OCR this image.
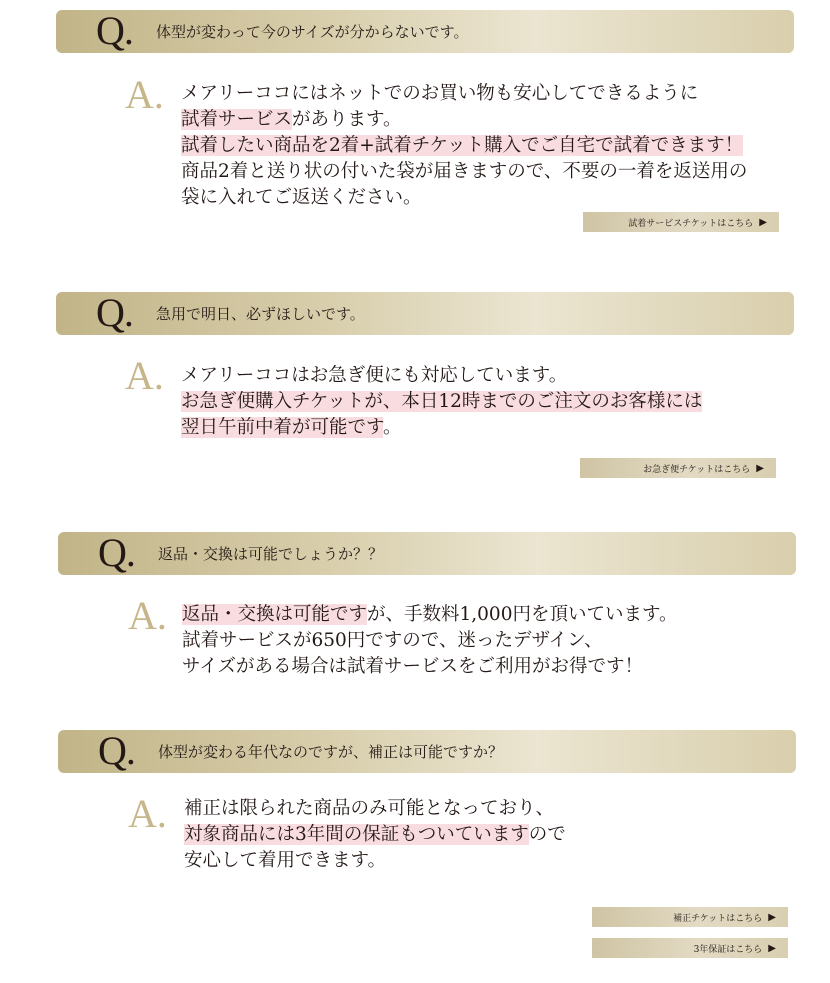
Q. 体型が変わって今のサイズが分からないです。
A. メアリーココにはネットでのお買い物も安心してできるように
試着サービスがあります。
試着したい商品を2着+試着チケット購入でご自宅で試着できます！
商品2着と送り状の付いた袋が届きますので、不要の一着を返送用の
袋に入れてご返送ください。
試着サービスチケットはこちら ▶
Q. 急用で明日、必ずほしいです。
A. メアリーココはお急ぎ便にも対応しています。
お急ぎ便購入チケットが、本日12時までのご注文のお客様には
翌日午前中着が可能です。
お急ぎ便チケットはこちら ▶
Q. 返品・交換は可能でしょうか？？
A. 返品・交換は可能ですが、手数料1,000円を頂いています。
試着サービスが650円ですので、迷ったデザイン、
サイズがある場合は試着サービスをご利用がお得です！
Q. 体型が変わる年代なのですが、補正は可能ですか？
A. 補正は限られた商品のみ可能となっており、
対象商品には3年間の保証もついていますので
安心して着用できます。
補正チケットはこちら ▶
3年保証はこちら ▶
